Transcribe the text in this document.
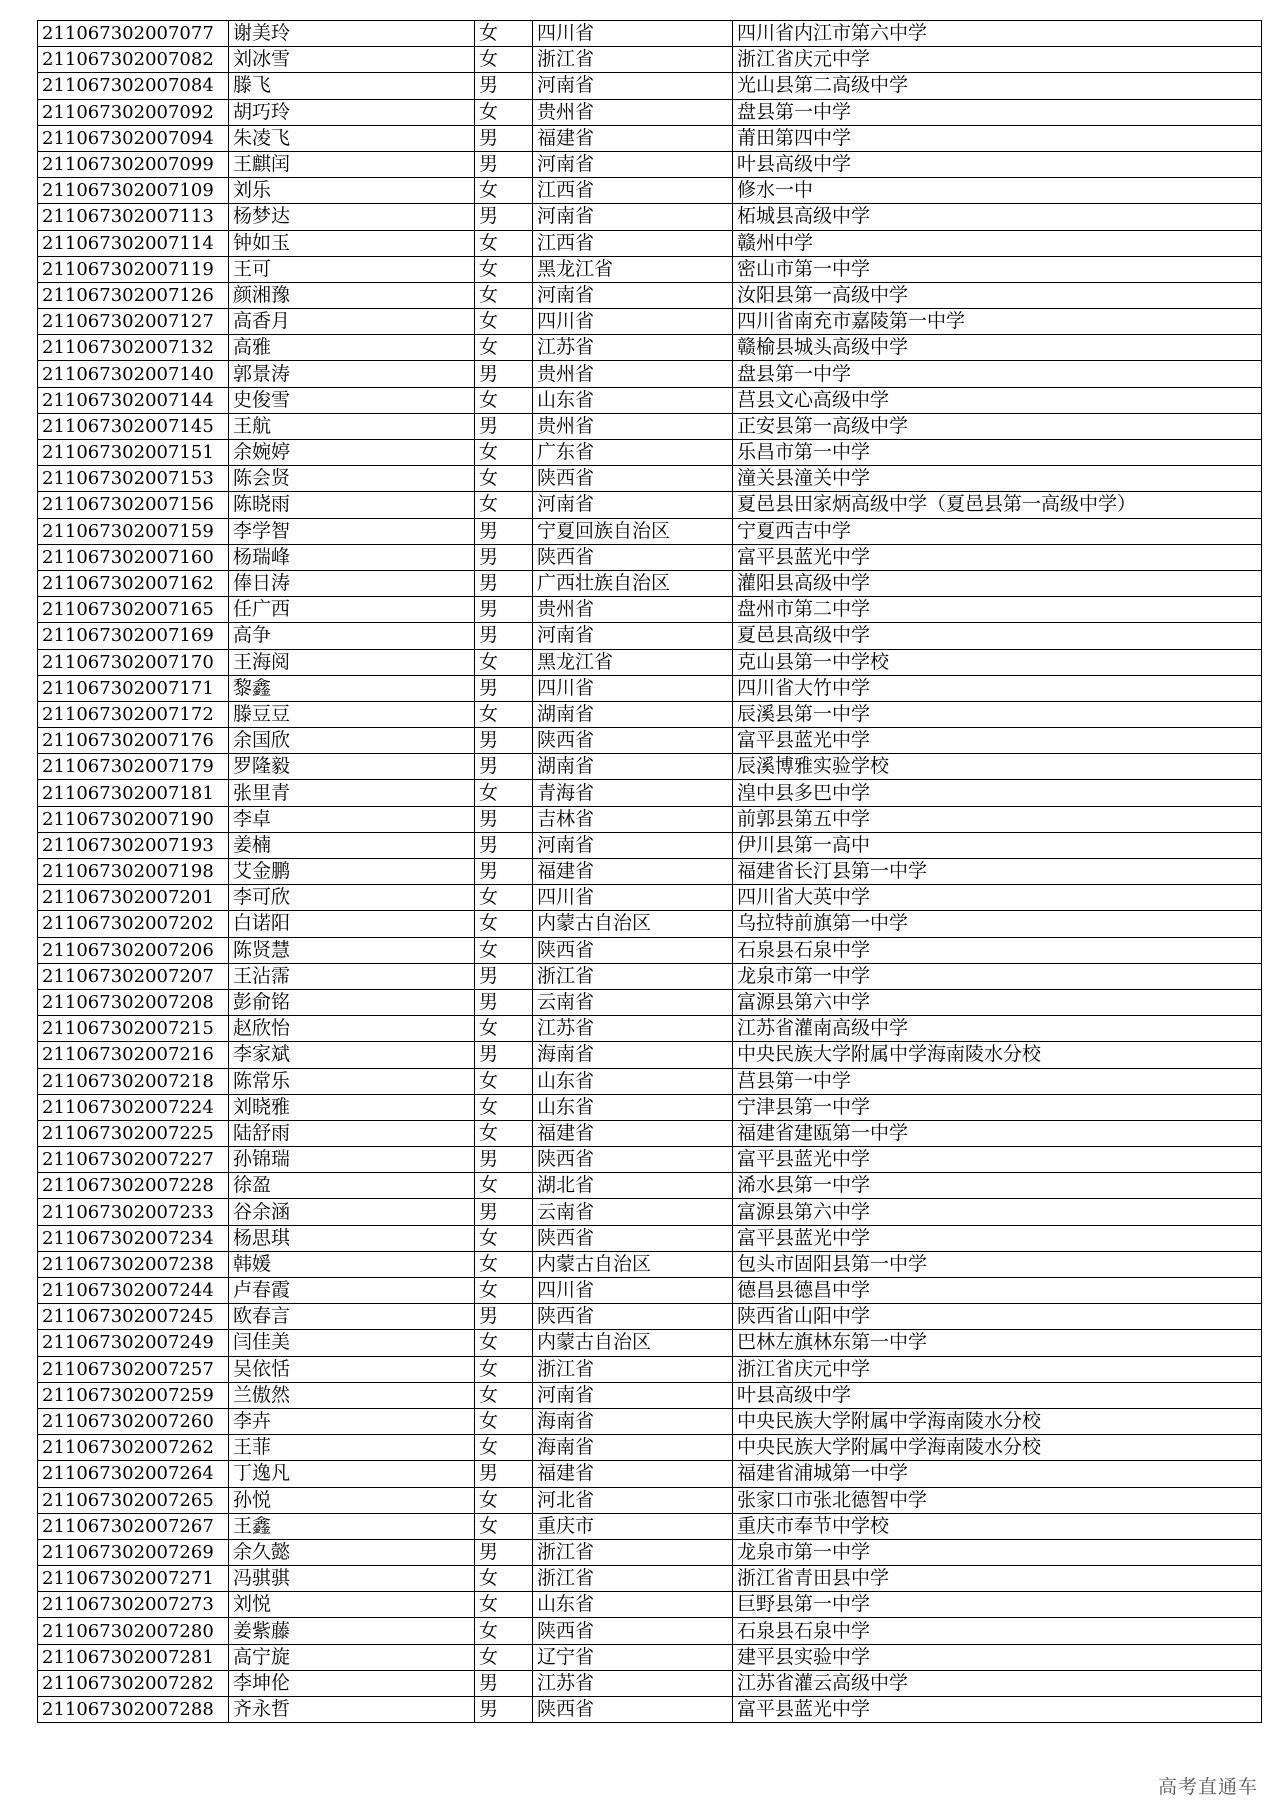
211067302007077	谢美玲	女	四川省	四川省内江市第六中学
211067302007082	刘冰雪	女	浙江省	浙江省庆元中学
211067302007084	滕飞	男	河南省	光山县第二高级中学
211067302007092	胡巧玲	女	贵州省	盘县第一中学
211067302007094	朱凌飞	男	福建省	莆田第四中学
211067302007099	王麒闰	男	河南省	叶县高级中学
211067302007109	刘乐	女	江西省	修水一中
211067302007113	杨梦达	男	河南省	柘城县高级中学
211067302007114	钟如玉	女	江西省	赣州中学
211067302007119	王可	女	黑龙江省	密山市第一中学
211067302007126	颜湘豫	女	河南省	汝阳县第一高级中学
211067302007127	高香月	女	四川省	四川省南充市嘉陵第一中学
211067302007132	高雅	女	江苏省	赣榆县城头高级中学
211067302007140	郭景涛	男	贵州省	盘县第一中学
211067302007144	史俊雪	女	山东省	莒县文心高级中学
211067302007145	王航	男	贵州省	正安县第一高级中学
211067302007151	余婉婷	女	广东省	乐昌市第一中学
211067302007153	陈会贤	女	陕西省	潼关县潼关中学
211067302007156	陈晓雨	女	河南省	夏邑县田家炳高级中学（夏邑县第一高级中学）
211067302007159	李学智	男	宁夏回族自治区	宁夏西吉中学
211067302007160	杨瑞峰	男	陕西省	富平县蓝光中学
211067302007162	俸日涛	男	广西壮族自治区	灌阳县高级中学
211067302007165	任广西	男	贵州省	盘州市第二中学
211067302007169	高争	男	河南省	夏邑县高级中学
211067302007170	王海阅	女	黑龙江省	克山县第一中学校
211067302007171	黎鑫	男	四川省	四川省大竹中学
211067302007172	滕豆豆	女	湖南省	辰溪县第一中学
211067302007176	余国欣	男	陕西省	富平县蓝光中学
211067302007179	罗隆毅	男	湖南省	辰溪博雅实验学校
211067302007181	张里青	女	青海省	湟中县多巴中学
211067302007190	李卓	男	吉林省	前郭县第五中学
211067302007193	姜楠	男	河南省	伊川县第一高中
211067302007198	艾金鹏	男	福建省	福建省长汀县第一中学
211067302007201	李可欣	女	四川省	四川省大英中学
211067302007202	白诺阳	女	内蒙古自治区	乌拉特前旗第一中学
211067302007206	陈贤慧	女	陕西省	石泉县石泉中学
211067302007207	王沾霈	男	浙江省	龙泉市第一中学
211067302007208	彭俞铭	男	云南省	富源县第六中学
211067302007215	赵欣怡	女	江苏省	江苏省灌南高级中学
211067302007216	李家斌	男	海南省	中央民族大学附属中学海南陵水分校
211067302007218	陈常乐	女	山东省	莒县第一中学
211067302007224	刘晓雅	女	山东省	宁津县第一中学
211067302007225	陆舒雨	女	福建省	福建省建瓯第一中学
211067302007227	孙锦瑞	男	陕西省	富平县蓝光中学
211067302007228	徐盈	女	湖北省	浠水县第一中学
211067302007233	谷余涵	男	云南省	富源县第六中学
211067302007234	杨思琪	女	陕西省	富平县蓝光中学
211067302007238	韩媛	女	内蒙古自治区	包头市固阳县第一中学
211067302007244	卢春霞	女	四川省	德昌县德昌中学
211067302007245	欧春言	男	陕西省	陕西省山阳中学
211067302007249	闫佳美	女	内蒙古自治区	巴林左旗林东第一中学
211067302007257	吴依恬	女	浙江省	浙江省庆元中学
211067302007259	兰傲然	女	河南省	叶县高级中学
211067302007260	李卉	女	海南省	中央民族大学附属中学海南陵水分校
211067302007262	王菲	女	海南省	中央民族大学附属中学海南陵水分校
211067302007264	丁逸凡	男	福建省	福建省浦城第一中学
211067302007265	孙悦	女	河北省	张家口市张北德智中学
211067302007267	王鑫	女	重庆市	重庆市奉节中学校
211067302007269	余久懿	男	浙江省	龙泉市第一中学
211067302007271	冯骐骐	女	浙江省	浙江省青田县中学
211067302007273	刘悦	女	山东省	巨野县第一中学
211067302007280	姜紫藤	女	陕西省	石泉县石泉中学
211067302007281	高宁旋	女	辽宁省	建平县实验中学
211067302007282	李坤伦	男	江苏省	江苏省灌云高级中学
211067302007288	齐永哲	男	陕西省	富平县蓝光中学
高考直通车
